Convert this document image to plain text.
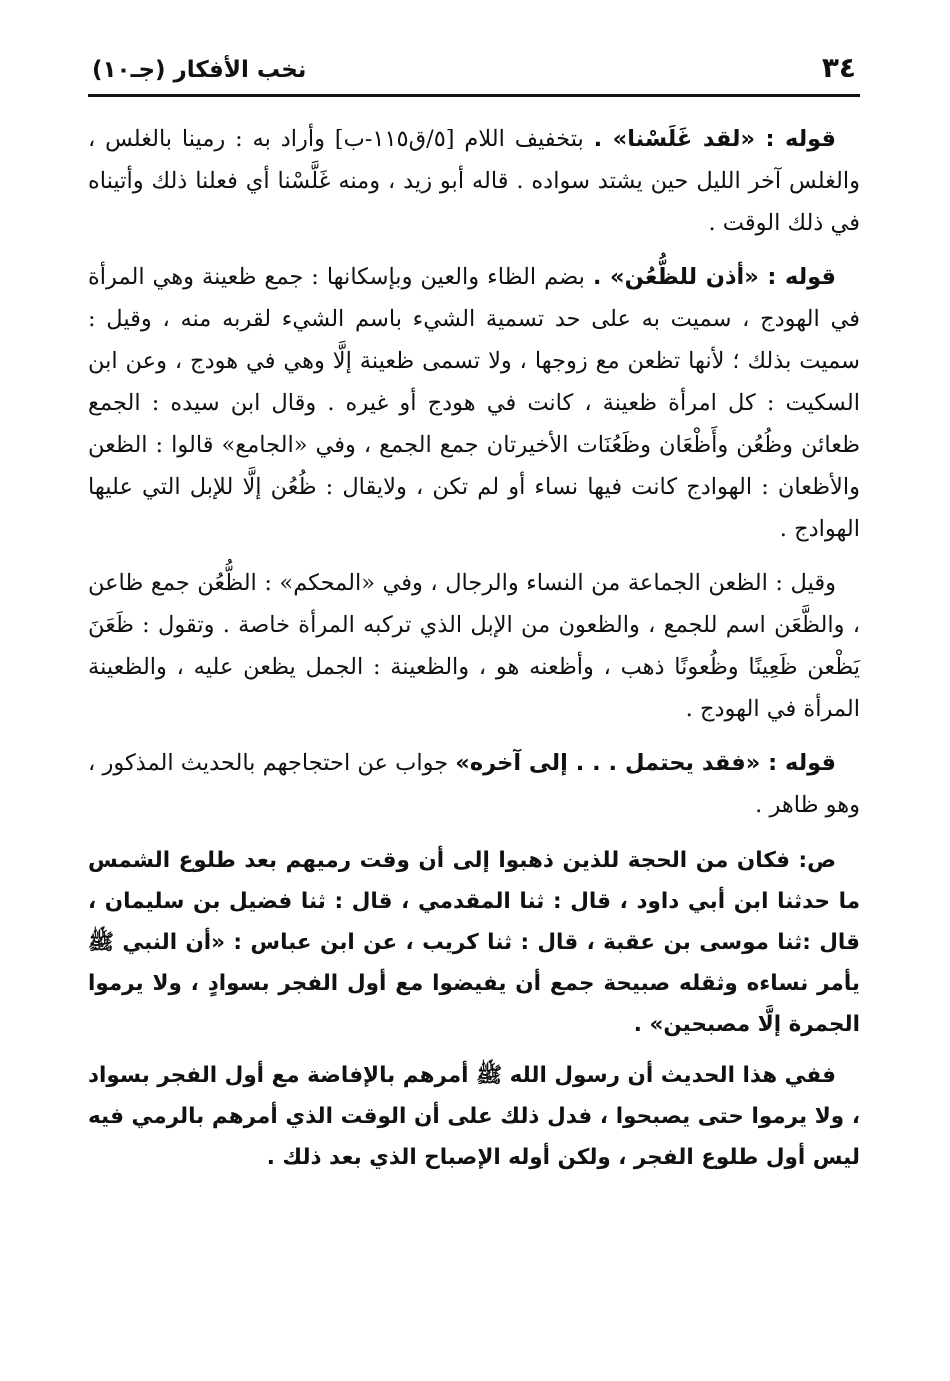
٣٤
نخب الأفكار (جـ١٠)

قوله : «لقد غَلَسْنا» . بتخفيف اللام [٥/ق١١٥-ب] وأراد به : رمينا بالغلس ، والغلس آخر الليل حين يشتد سواده . قاله أبو زيد ، ومنه غَلَّسْنا أي فعلنا ذلك وأتيناه في ذلك الوقت .

قوله : «أذن للظُّعُن» . بضم الظاء والعين وبإسكانها : جمع ظعينة وهي المرأة في الهودج ، سميت به على حد تسمية الشيء باسم الشيء لقربه منه ، وقيل : سميت بذلك ؛ لأنها تظعن مع زوجها ، ولا تسمى ظعينة إلَّا وهي في هودج ، وعن ابن السكيت : كل امرأة ظعينة ، كانت في هودج أو غيره . وقال ابن سيده : الجمع ظعائن وظُعُن وأَظْعَان وظَعُنَات الأخيرتان جمع الجمع ، وفي «الجامع» قالوا : الظعن والأظعان : الهوادج كانت فيها نساء أو لم تكن ، ولايقال : ظُعُن إلَّا للإبل التي عليها الهوادج .

وقيل : الظعن الجماعة من النساء والرجال ، وفي «المحكم» : الظُّعُن جمع ظاعن ، والظَّعَن اسم للجمع ، والظعون من الإبل الذي تركبه المرأة خاصة . وتقول : ظَعَنَ يَظْعن ظَعِينًا وظُعونًا ذهب ، وأظعنه هو ، والظعينة : الجمل يظعن عليه ، والظعينة المرأة في الهودج .

قوله : «فقد يحتمل . . . إلى آخره» جواب عن احتجاجهم بالحديث المذكور ، وهو ظاهر .

ص: فكان من الحجة للذين ذهبوا إلى أن وقت رميهم بعد طلوع الشمس ما حدثنا ابن أبي داود ، قال : ثنا المقدمي ، قال : ثنا فضيل بن سليمان ، قال :ثنا موسى بن عقبة ، قال : ثنا كريب ، عن ابن عباس : «أن النبي ﷺ يأمر نساءه وثقله صبيحة جمع أن يفيضوا مع أول الفجر بسوادٍ ، ولا يرموا الجمرة إلَّا مصبحين» .

ففي هذا الحديث أن رسول الله ﷺ أمرهم بالإفاضة مع أول الفجر بسواد ، ولا يرموا حتى يصبحوا ، فدل ذلك على أن الوقت الذي أمرهم بالرمي فيه ليس أول طلوع الفجر ، ولكن أوله الإصباح الذي بعد ذلك .
